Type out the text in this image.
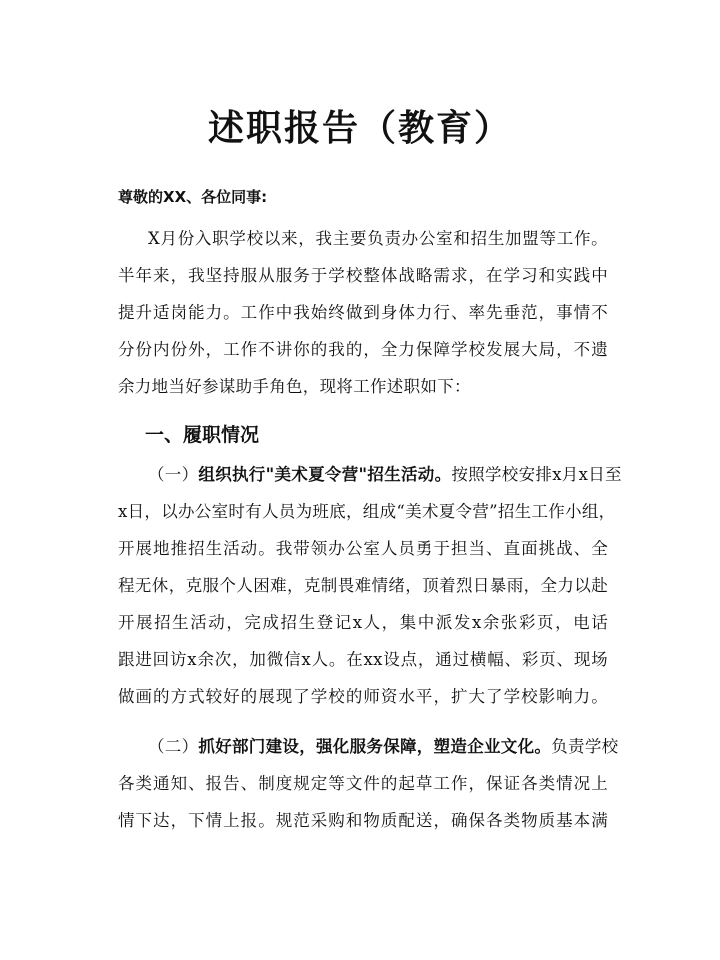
述职报告（教育）
尊敬的XX、各位同事:
X月份入职学校以来，我主要负责办公室和招生加盟等工作。
半年来，我坚持服从服务于学校整体战略需求，在学习和实践中
提升适岗能力。工作中我始终做到身体力行、率先垂范，事情不
分份内份外，工作不讲你的我的，全力保障学校发展大局，不遗
余力地当好参谋助手角色，现将工作述职如下：
一、履职情况
（一）组织执行"美术夏令营"招生活动。按照学校安排x月x日至
x日，以办公室时有人员为班底，组成“美术夏令营”招生工作小组，
开展地推招生活动。我带领办公室人员勇于担当、直面挑战、全
程无休，克服个人困难，克制畏难情绪，顶着烈日暴雨，全力以赴
开展招生活动，完成招生登记x人，集中派发x余张彩页，电话
跟进回访x余次，加微信x人。在xx设点，通过横幅、彩页、现场
做画的方式较好的展现了学校的师资水平，扩大了学校影响力。
（二）抓好部门建设，强化服务保障，塑造企业文化。负责学校
各类通知、报告、制度规定等文件的起草工作，保证各类情况上
情下达，下情上报。规范采购和物质配送，确保各类物质基本满
